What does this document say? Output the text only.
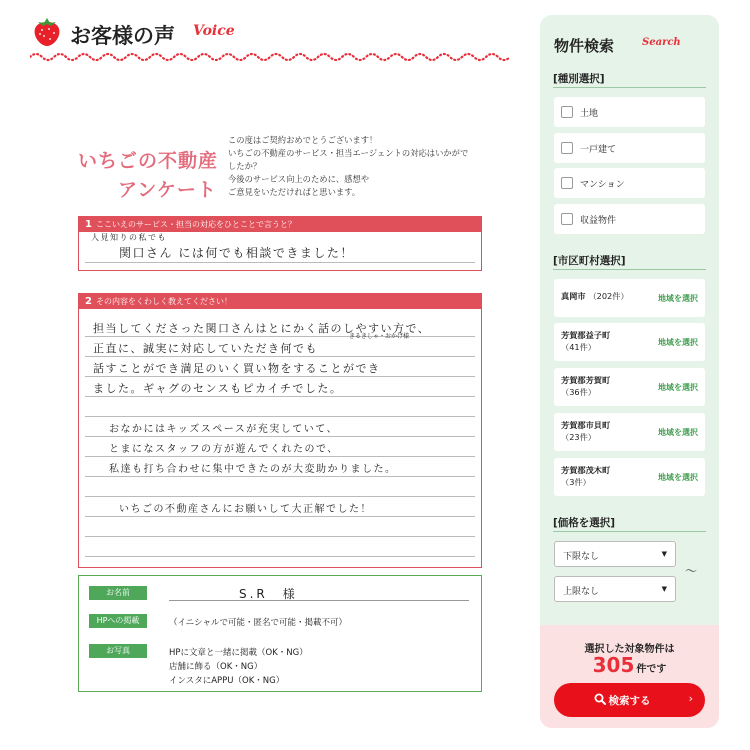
お客様の声 Voice
いちごの不動産
アンケート
この度はご契約おめでとうございます！
いちごの不動産のサービス・担当エージェントの対応はいかがで
したか？
今後のサービス向上のために、感想や
ご意見をいただければと思います。
1 ここいえのサービス・担当の対応をひとことで言うと？
人見知りの私でも
関口さん には何でも相談できました！
2 その内容をくわしく教えてください！
担当してくださった関口さんはとにかく話のしやすい方で、
正直に、誠実に対応していただき何でも
きるきしゃ・おかげ様
話すことができ満足のいく買い物をすることができ
ました。ギャグのセンスもピカイチでした。
おなかにはキッズスペースが充実していて、
とまになスタッフの方が遊んでくれたので、
私達も打ち合わせに集中できたのが大変助かりました。
いちごの不動産さんにお願いして大正解でした！
お名前	S.R　様
HPへの掲載	（イニシャルで可能・匿名で可能・掲載不可）
お写真	HPに文章と一緒に掲載（OK・NG）
店舗に飾る（OK・NG）
インスタにAPPU（OK・NG）
物件検索	Search
[種別選択]
土地
一戸建て
マンション
収益物件
[市区町村選択]
真岡市 （202件）	地域を選択
芳賀郡益子町
（41件）	地域を選択
芳賀郡芳賀町
（36件）	地域を選択
芳賀郡市貝町
（23件）	地域を選択
芳賀郡茂木町
（3件）	地域を選択
[価格を選択]
下限なし	▼
〜
上限なし	▼
選択した対象物件は
305 件です
検索する	›
